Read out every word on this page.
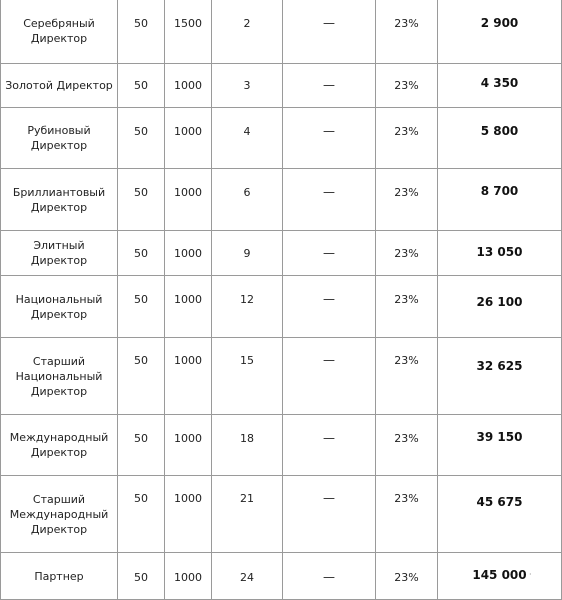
Серебряный Директор	50	1500	2	—	23%	2 900
Золотой Директор	50	1000	3	—	23%	4 350
Рубиновый Директор	50	1000	4	—	23%	5 800
Бриллиантовый Директор	50	1000	6	—	23%	8 700
Элитный Директор	50	1000	9	—	23%	13 050
Национальный Директор	50	1000	12	—	23%	26 100
Старший Национальный Директор	50	1000	15	—	23%	32 625
Международный Директор	50	1000	18	—	23%	39 150
Старший Международный Директор	50	1000	21	—	23%	45 675
Партнер	50	1000	24	—	23%	145 000 ·
